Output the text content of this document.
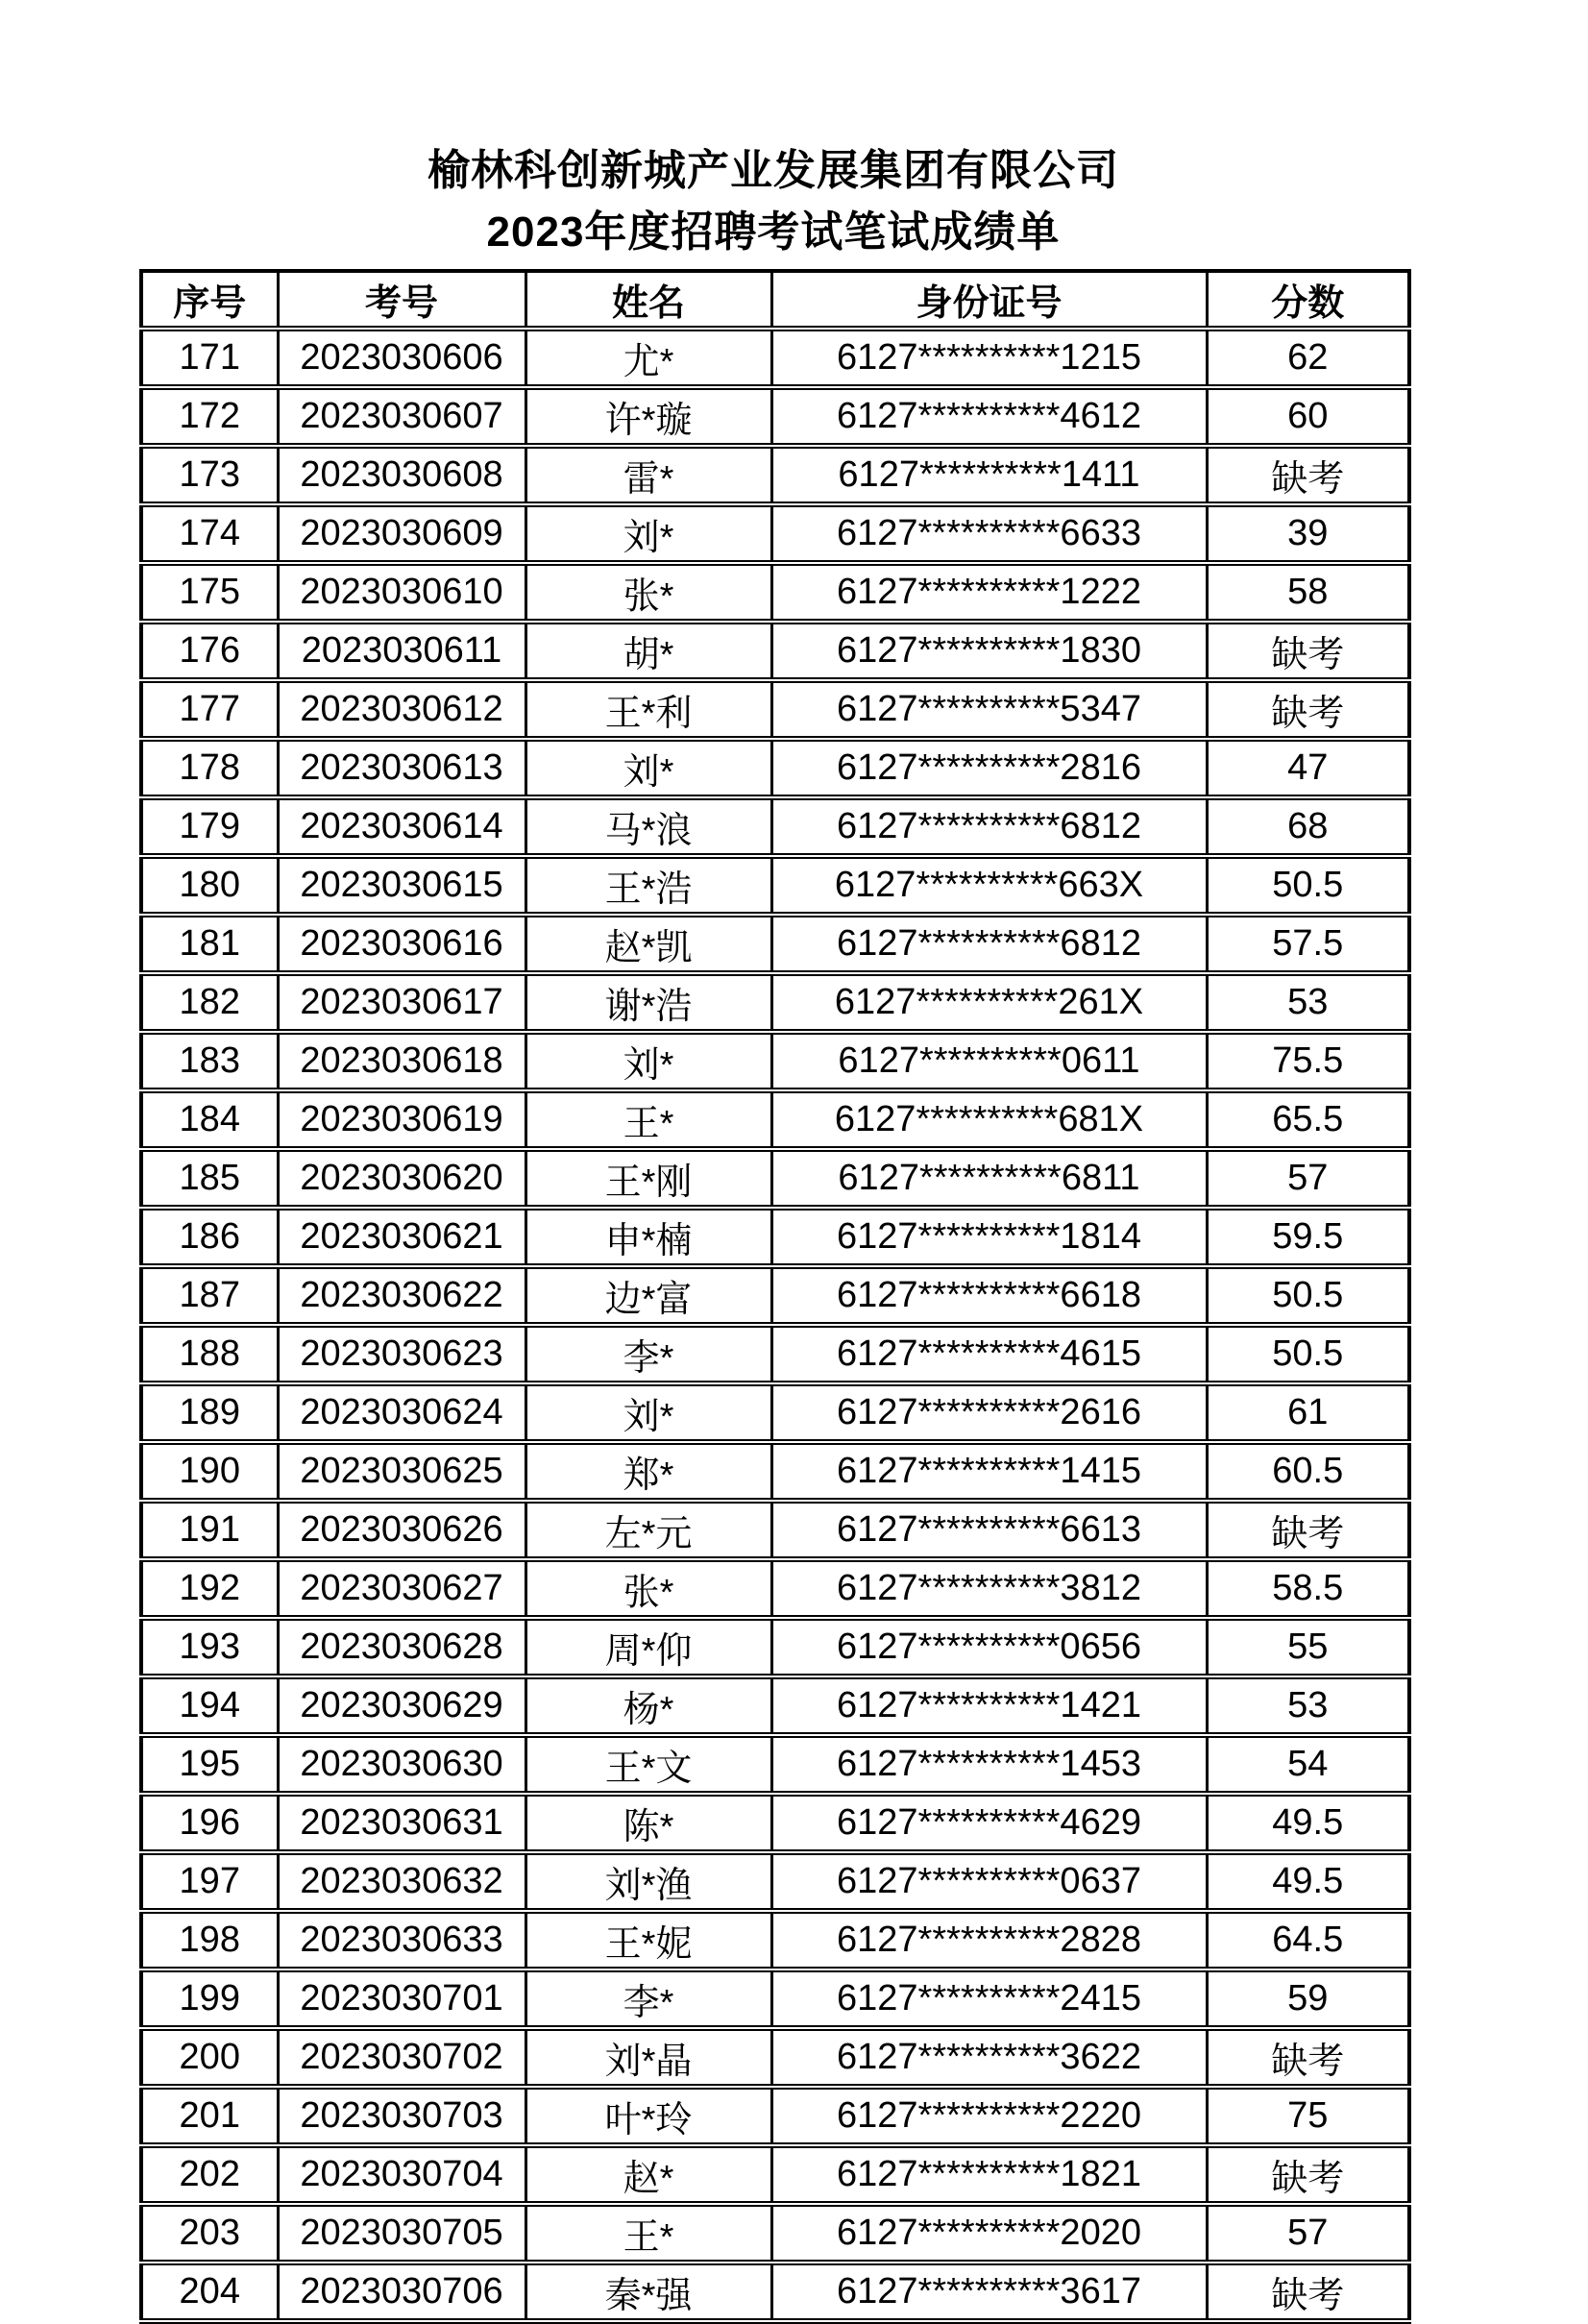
榆林科创新城产业发展集团有限公司
2023年度招聘考试笔试成绩单
序号	考号	姓名	身份证号	分数
171	2023030606	尤*	6127**********1215	62
172	2023030607	许*璇	6127**********4612	60
173	2023030608	雷*	6127**********1411	缺考
174	2023030609	刘*	6127**********6633	39
175	2023030610	张*	6127**********1222	58
176	2023030611	胡*	6127**********1830	缺考
177	2023030612	王*利	6127**********5347	缺考
178	2023030613	刘*	6127**********2816	47
179	2023030614	马*浪	6127**********6812	68
180	2023030615	王*浩	6127**********663X	50.5
181	2023030616	赵*凯	6127**********6812	57.5
182	2023030617	谢*浩	6127**********261X	53
183	2023030618	刘*	6127**********0611	75.5
184	2023030619	王*	6127**********681X	65.5
185	2023030620	王*刚	6127**********6811	57
186	2023030621	申*楠	6127**********1814	59.5
187	2023030622	边*富	6127**********6618	50.5
188	2023030623	李*	6127**********4615	50.5
189	2023030624	刘*	6127**********2616	61
190	2023030625	郑*	6127**********1415	60.5
191	2023030626	左*元	6127**********6613	缺考
192	2023030627	张*	6127**********3812	58.5
193	2023030628	周*仰	6127**********0656	55
194	2023030629	杨*	6127**********1421	53
195	2023030630	王*文	6127**********1453	54
196	2023030631	陈*	6127**********4629	49.5
197	2023030632	刘*渔	6127**********0637	49.5
198	2023030633	王*妮	6127**********2828	64.5
199	2023030701	李*	6127**********2415	59
200	2023030702	刘*晶	6127**********3622	缺考
201	2023030703	叶*玲	6127**********2220	75
202	2023030704	赵*	6127**********1821	缺考
203	2023030705	王*	6127**********2020	57
204	2023030706	秦*强	6127**********3617	缺考
